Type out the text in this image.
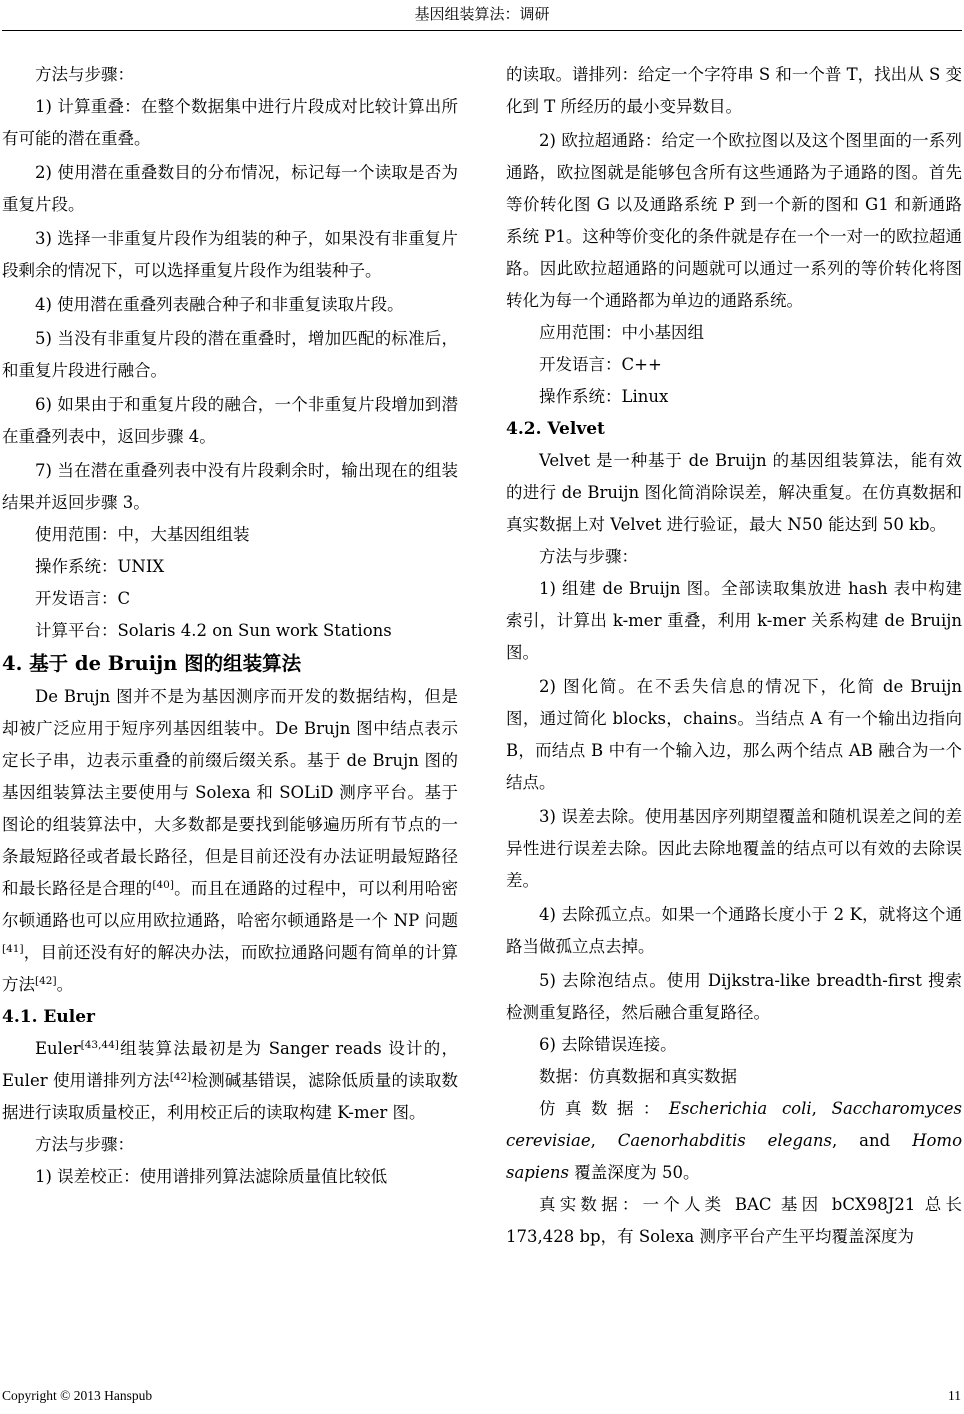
基因组装算法：调研

方法与步骤：

1) 计算重叠：在整个数据集中进行片段成对比较计算出所有可能的潜在重叠。

2) 使用潜在重叠数目的分布情况，标记每一个读取是否为重复片段。

3) 选择一非重复片段作为组装的种子，如果没有非重复片段剩余的情况下，可以选择重复片段作为组装种子。

4) 使用潜在重叠列表融合种子和非重复读取片段。

5) 当没有非重复片段的潜在重叠时，增加匹配的标准后，和重复片段进行融合。

6) 如果由于和重复片段的融合，一个非重复片段增加到潜在重叠列表中，返回步骤 4。

7) 当在潜在重叠列表中没有片段剩余时，输出现在的组装结果并返回步骤 3。

使用范围：中，大基因组组装

操作系统：UNIX

开发语言：C

计算平台：Solaris 4.2 on Sun work Stations

4. 基于 de Bruijn 图的组装算法

De Brujn 图并不是为基因测序而开发的数据结构，但是却被广泛应用于短序列基因组装中。De Brujn 图中结点表示定长子串，边表示重叠的前缀后缀关系。基于 de Brujn 图的基因组装算法主要使用与 Solexa 和 SOLiD 测序平台。基于图论的组装算法中，大多数都是要找到能够遍历所有节点的一条最短路径或者最长路径，但是目前还没有办法证明最短路径和最长路径是合理的[40]。而且在通路的过程中，可以利用哈密尔顿通路也可以应用欧拉通路，哈密尔顿通路是一个 NP 问题[41]，目前还没有好的解决办法，而欧拉通路问题有简单的计算方法[42]。

4.1. Euler

Euler[43,44]组装算法最初是为 Sanger reads 设计的，Euler 使用谱排列方法[42]检测碱基错误，滤除低质量的读取数据进行读取质量校正，利用校正后的读取构建 K-mer 图。

方法与步骤：

1) 误差校正：使用谱排列算法滤除质量值比较低

的读取。谱排列：给定一个字符串 S 和一个普 T，找出从 S 变化到 T 所经历的最小变异数目。

2) 欧拉超通路：给定一个欧拉图以及这个图里面的一系列通路，欧拉图就是能够包含所有这些通路为子通路的图。首先等价转化图 G 以及通路系统 P 到一个新的图和 G1 和新通路系统 P1。这种等价变化的条件就是存在一个一对一的欧拉超通路。因此欧拉超通路的问题就可以通过一系列的等价转化将图转化为每一个通路都为单边的通路系统。

应用范围：中小基因组

开发语言：C++

操作系统：Linux

4.2. Velvet

Velvet 是一种基于 de Bruijn 的基因组装算法，能有效的进行 de Bruijn 图化简消除误差，解决重复。在仿真数据和真实数据上对 Velvet 进行验证，最大 N50 能达到 50 kb。

方法与步骤：

1) 组建 de Bruijn 图。全部读取集放进 hash 表中构建索引，计算出 k-mer 重叠，利用 k-mer 关系构建 de Bruijn 图。

2) 图化简。在不丢失信息的情况下，化简 de Bruijn 图，通过简化 blocks，chains。当结点 A 有一个输出边指向 B，而结点 B 中有一个输入边，那么两个结点 AB 融合为一个结点。

3) 误差去除。使用基因序列期望覆盖和随机误差之间的差异性进行误差去除。因此去除地覆盖的结点可以有效的去除误差。

4) 去除孤立点。如果一个通路长度小于 2 K，就将这个通路当做孤立点去掉。

5) 去除泡结点。使用 Dijkstra-like breadth-first 搜索检测重复路径，然后融合重复路径。

6) 去除错误连接。

数据：仿真数据和真实数据

仿真数据：Escherichia coli, Saccharomyces cerevisiae, Caenorhabditis elegans, and Homo sapiens 覆盖深度为 50。

真实数据：一个人类 BAC 基因 bCX98J21 总长 173,428 bp，有 Solexa 测序平台产生平均覆盖深度为

Copyright © 2013 Hanspub	11
